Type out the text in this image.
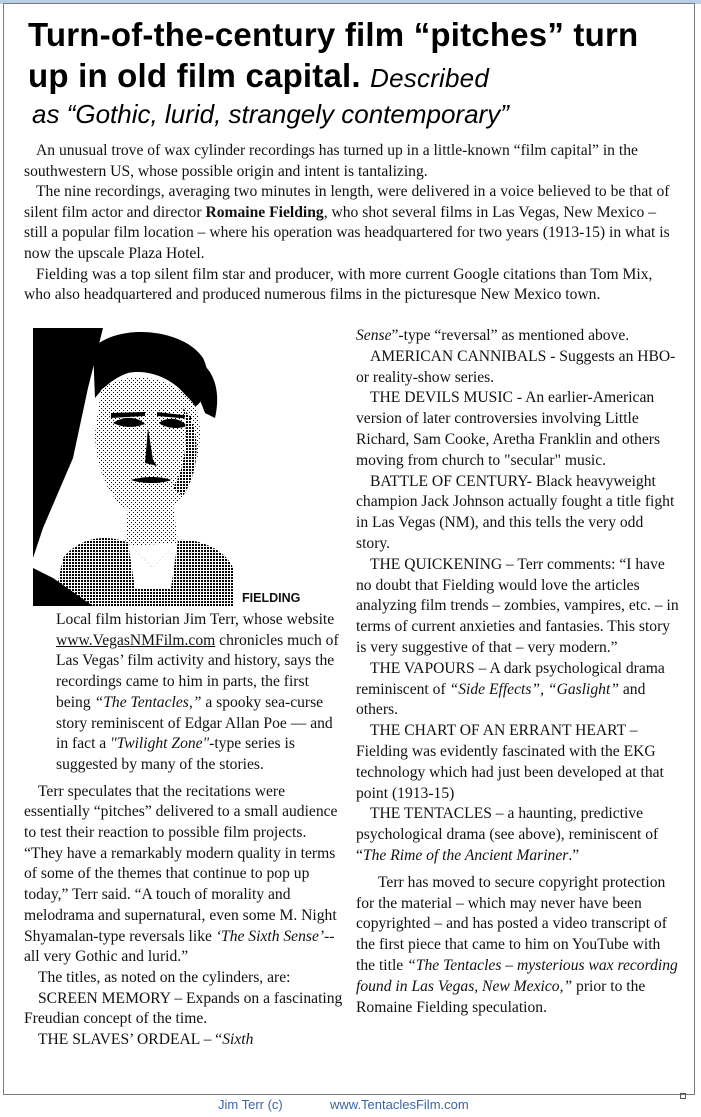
Turn-of-the-century film “pitches” turn up in old film capital. Described
as “Gothic, lurid, strangely contemporary”

An unusual trove of wax cylinder recordings has turned up in a little-known “film capital” in the southwestern US, whose possible origin and intent is tantalizing.

The nine recordings, averaging two minutes in length, were delivered in a voice believed to be that of silent film actor and director Romaine Fielding, who shot several films in Las Vegas, New Mexico – still a popular film location – where his operation was headquartered for two years (1913-15) in what is now the upscale Plaza Hotel.

Fielding was a top silent film star and producer, with more current Google citations than Tom Mix, who also headquartered and produced numerous films in the picturesque New Mexico town.

FIELDING

Local film historian Jim Terr, whose website www.VegasNMFilm.com chronicles much of Las Vegas’ film activity and history, says the recordings came to him in parts, the first being “The Tentacles,” a spooky sea-curse story reminiscent of Edgar Allan Poe — and in fact a "Twilight Zone"-type series is suggested by many of the stories.

Terr speculates that the recitations were essentially “pitches” delivered to a small audience to test their reaction to possible film projects. “They have a remarkably modern quality in terms of some of the themes that continue to pop up today,” Terr said. “A touch of morality and melodrama and supernatural, even some M. Night Shyamalan-type reversals like ‘The Sixth Sense’-- all very Gothic and lurid.”

The titles, as noted on the cylinders, are:

SCREEN MEMORY – Expands on a fascinating Freudian concept of the time.

THE SLAVES’ ORDEAL – “Sixth

Sense”-type “reversal” as mentioned above.

AMERICAN CANNIBALS - Suggests an HBO- or reality-show series.

THE DEVILS MUSIC - An earlier-American version of later controversies involving Little Richard, Sam Cooke, Aretha Franklin and others moving from church to "secular" music.

BATTLE OF CENTURY- Black heavyweight champion Jack Johnson actually fought a title fight in Las Vegas (NM), and this tells the very odd story.

THE QUICKENING – Terr comments: “I have no doubt that Fielding would love the articles analyzing film trends – zombies, vampires, etc. – in terms of current anxieties and fantasies. This story is very suggestive of that – very modern.”

THE VAPOURS – A dark psychological drama reminiscent of “Side Effects”, “Gaslight” and others.

THE CHART OF AN ERRANT HEART – Fielding was evidently fascinated with the EKG technology which had just been developed at that point (1913-15)

THE TENTACLES – a haunting, predictive psychological drama (see above), reminiscent of “The Rime of the Ancient Mariner.”

Terr has moved to secure copyright protection for the material – which may never have been copyrighted – and has posted a video transcript of the first piece that came to him on YouTube with the title “The Tentacles – mysterious wax recording found in Las Vegas, New Mexico,” prior to the Romaine Fielding speculation.

Jim Terr (c)	www.TentaclesFilm.com
